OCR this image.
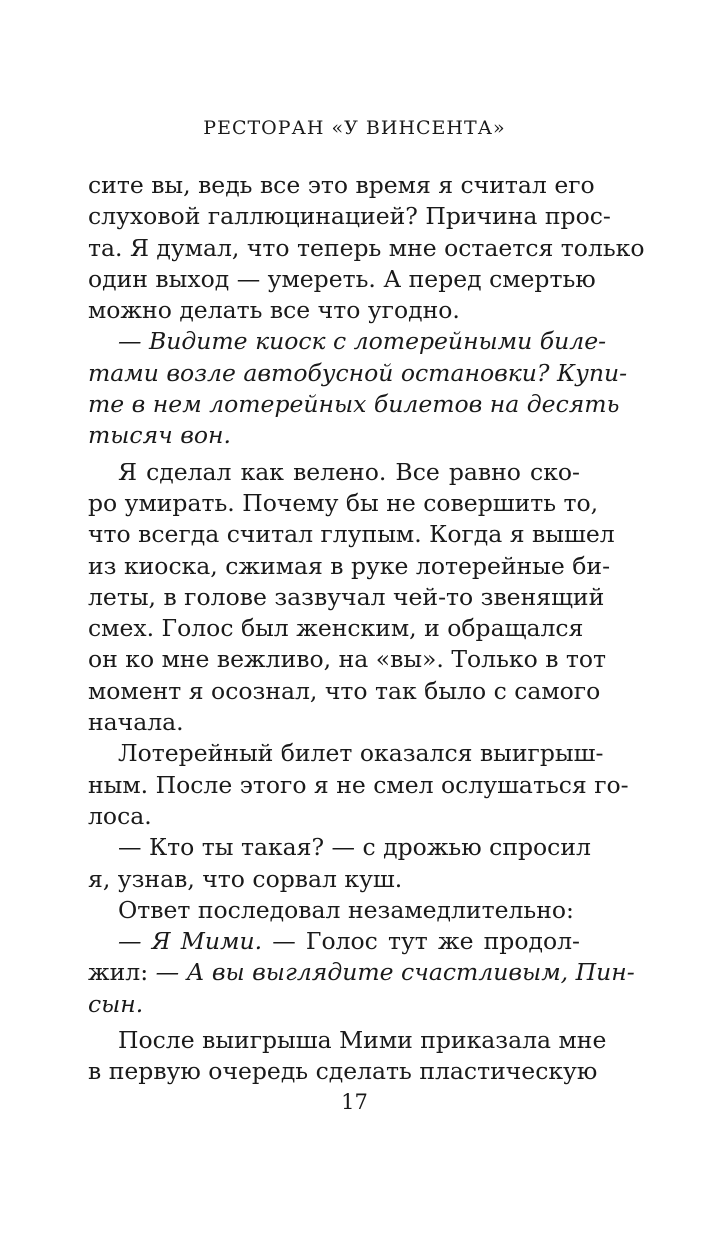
РЕСТОРАН «У ВИНСЕНТА»
сите вы, ведь все это время я считал его
слуховой галлюцинацией? Причина прос-
та. Я думал, что теперь мне остается только
один выход — умереть. А перед смертью
можно делать все что угодно.
— Видите киоск с лотерейными биле-
тами возле автобусной остановки? Купи-
те в нем лотерейных билетов на десять
тысяч вон.
Я сделал как велено. Все равно ско-
ро умирать. Почему бы не совершить то,
что всегда считал глупым. Когда я вышел
из киоска, сжимая в руке лотерейные би-
леты, в голове зазвучал чей-то звенящий
смех. Голос был женским, и обращался
он ко мне вежливо, на «вы». Только в тот
момент я осознал, что так было с самого
начала.
Лотерейный билет оказался выигрыш-
ным. После этого я не смел ослушаться го-
лоса.
— Кто ты такая? — с дрожью спросил
я, узнав, что сорвал куш.
Ответ последовал незамедлительно:
— Я Мими. — Голос тут же продол-
жил: — А вы выглядите счастливым, Пин-
сын.
После выигрыша Мими приказала мне
в первую очередь сделать пластическую
17
